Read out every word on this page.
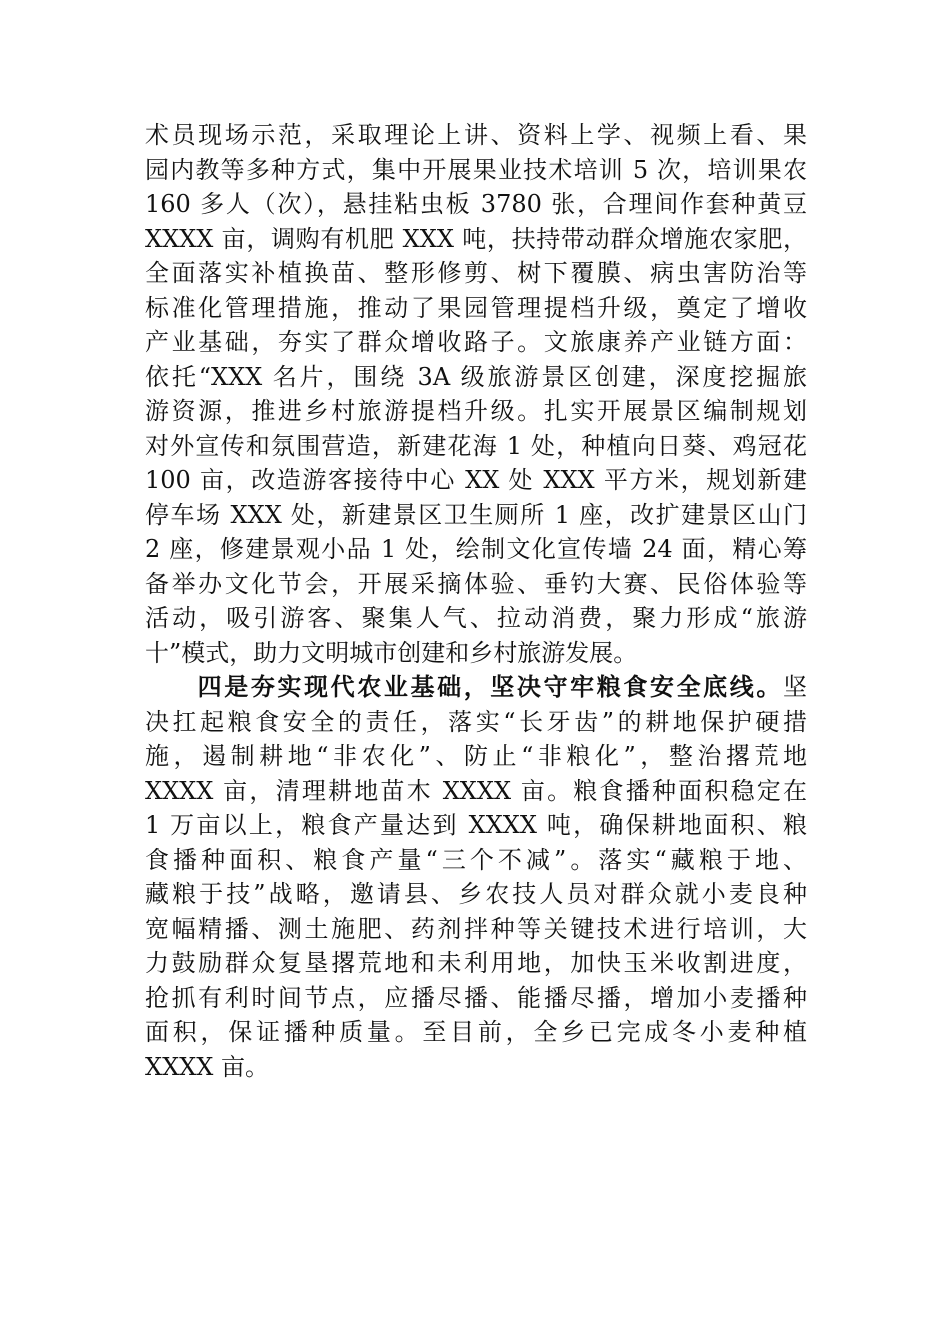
术员现场示范，采取理论上讲、资料上学、视频上看、果
园内教等多种方式，集中开展果业技术培训 5 次，培训果农
160 多人（次），悬挂粘虫板 3780 张，合理间作套种黄豆
XXXX 亩，调购有机肥 XXX 吨，扶持带动群众增施农家肥，
全面落实补植换苗、整形修剪、树下覆膜、病虫害防治等
标准化管理措施，推动了果园管理提档升级，奠定了增收
产业基础，夯实了群众增收路子。文旅康养产业链方面：
依托“XXX 名片，围绕 3A 级旅游景区创建，深度挖掘旅
游资源，推进乡村旅游提档升级。扎实开展景区编制规划
对外宣传和氛围营造，新建花海 1 处，种植向日葵、鸡冠花
100 亩，改造游客接待中心 XX 处 XXX 平方米，规划新建
停车场 XXX 处，新建景区卫生厕所 1 座，改扩建景区山门
2 座，修建景观小品 1 处，绘制文化宣传墙 24 面，精心筹
备举办文化节会，开展采摘体验、垂钓大赛、民俗体验等
活动，吸引游客、聚集人气、拉动消费，聚力形成“旅游
十”模式，助力文明城市创建和乡村旅游发展。
四是夯实现代农业基础，坚决守牢粮食安全底线。坚
决扛起粮食安全的责任，落实“长牙齿”的耕地保护硬措
施，遏制耕地“非农化”、防止“非粮化”，整治撂荒地
XXXX 亩，清理耕地苗木 XXXX 亩。粮食播种面积稳定在
1 万亩以上，粮食产量达到 XXXX 吨，确保耕地面积、粮
食播种面积、粮食产量“三个不减”。落实“藏粮于地、
藏粮于技”战略，邀请县、乡农技人员对群众就小麦良种
宽幅精播、测土施肥、药剂拌种等关键技术进行培训，大
力鼓励群众复垦撂荒地和未利用地，加快玉米收割进度，
抢抓有利时间节点，应播尽播、能播尽播，增加小麦播种
面积，保证播种质量。至目前，全乡已完成冬小麦种植
XXXX 亩。
